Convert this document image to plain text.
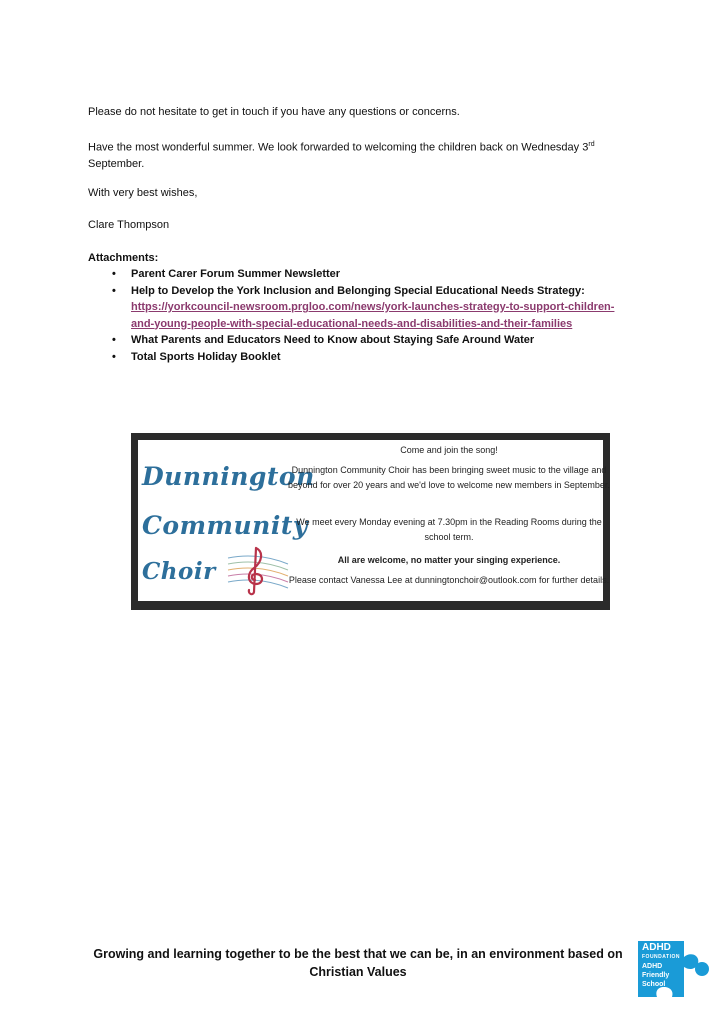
Please do not hesitate to get in touch if you have any questions or concerns.
Have the most wonderful summer. We look forwarded to welcoming the children back on Wednesday 3rd September.
With very best wishes,
Clare Thompson
Attachments:
• Parent Carer Forum Summer Newsletter
• Help to Develop the York Inclusion and Belonging Special Educational Needs Strategy:
https://yorkcouncil-newsroom.prgloo.com/news/york-launches-strategy-to-support-children-and-young-people-with-special-educational-needs-and-disabilities-and-their-families
• What Parents and Educators Need to Know about Staying Safe Around Water
• Total Sports Holiday Booklet
Dunnington
Community
Choir
Come and join the song!
Dunnington Community Choir has been bringing sweet music to the village and beyond for over 20 years and we'd love to welcome new members in September.
We meet every Monday evening at 7.30pm in the Reading Rooms during the school term.
All are welcome, no matter your singing experience.
Please contact Vanessa Lee at dunningtonchoir@outlook.com for further details.
Growing and learning together to be the best that we can be, in an environment based on Christian Values
ADHD
FOUNDATION
ADHD Friendly School
